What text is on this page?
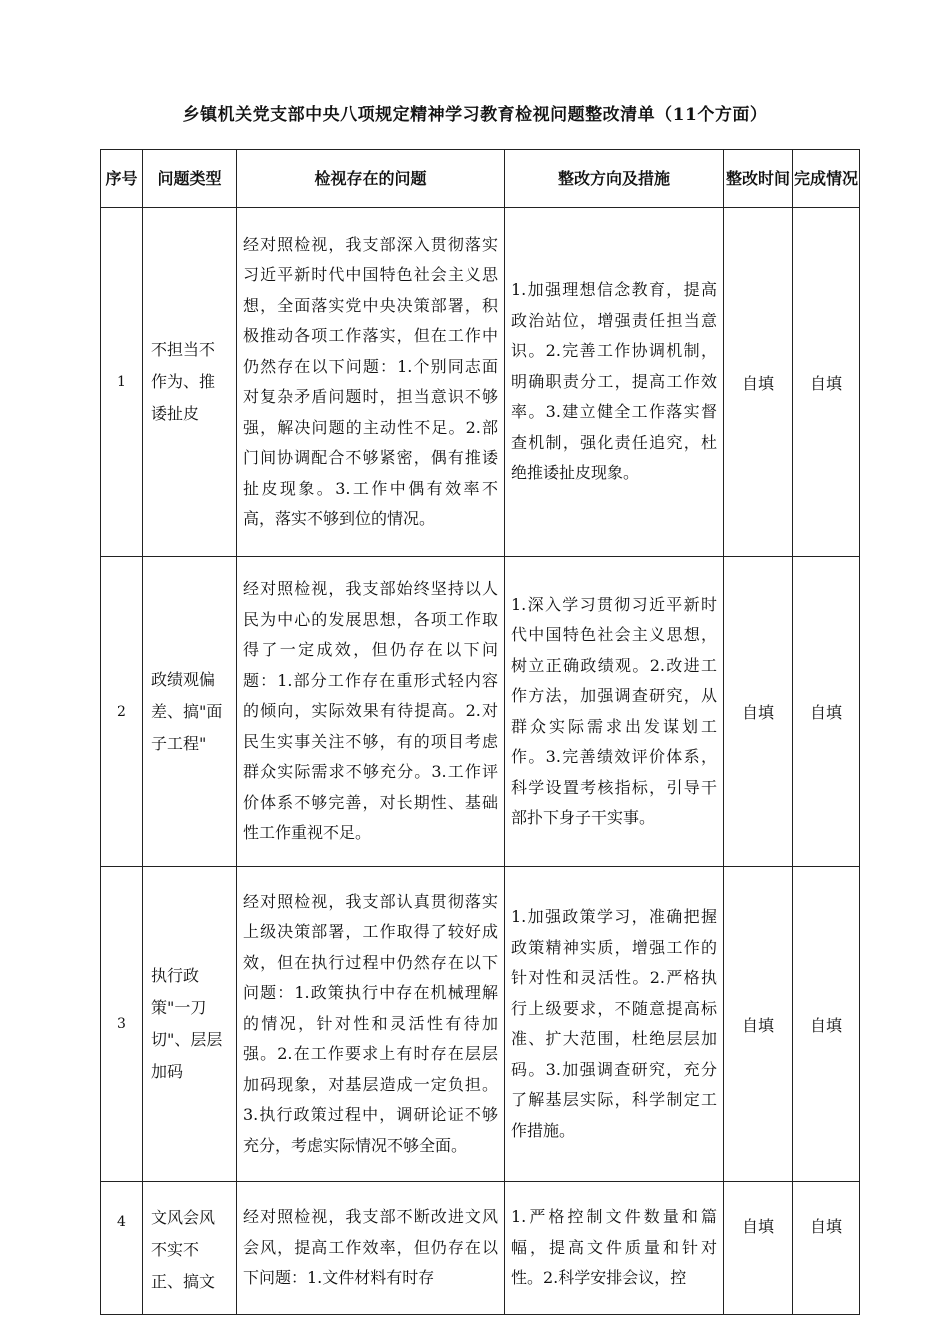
乡镇机关党支部中央八项规定精神学习教育检视问题整改清单（11个方面）
序号	问题类型	检视存在的问题	整改方向及措施	整改时间	完成情况
1	不担当不作为、推诿扯皮	经对照检视，我支部深入贯彻落实习近平新时代中国特色社会主义思想，全面落实党中央决策部署，积极推动各项工作落实，但在工作中仍然存在以下问题：1.个别同志面对复杂矛盾问题时，担当意识不够强，解决问题的主动性不足。2.部门间协调配合不够紧密，偶有推诿扯皮现象。3.工作中偶有效率不高，落实不够到位的情况。	1.加强理想信念教育，提高政治站位，增强责任担当意识。2.完善工作协调机制，明确职责分工，提高工作效率。3.建立健全工作落实督查机制，强化责任追究，杜绝推诿扯皮现象。	自填	自填
2	政绩观偏差、搞"面子工程"	经对照检视，我支部始终坚持以人民为中心的发展思想，各项工作取得了一定成效，但仍存在以下问题：1.部分工作存在重形式轻内容的倾向，实际效果有待提高。2.对民生实事关注不够，有的项目考虑群众实际需求不够充分。3.工作评价体系不够完善，对长期性、基础性工作重视不足。	1.深入学习贯彻习近平新时代中国特色社会主义思想，树立正确政绩观。2.改进工作方法，加强调查研究，从群众实际需求出发谋划工作。3.完善绩效评价体系，科学设置考核指标，引导干部扑下身子干实事。	自填	自填
3	执行政策"一刀切"、层层加码	经对照检视，我支部认真贯彻落实上级决策部署，工作取得了较好成效，但在执行过程中仍然存在以下问题：1.政策执行中存在机械理解的情况，针对性和灵活性有待加强。2.在工作要求上有时存在层层加码现象，对基层造成一定负担。3.执行政策过程中，调研论证不够充分，考虑实际情况不够全面。	1.加强政策学习，准确把握政策精神实质，增强工作的针对性和灵活性。2.严格执行上级要求，不随意提高标准、扩大范围，杜绝层层加码。3.加强调查研究，充分了解基层实际，科学制定工作措施。	自填	自填
4	文风会风不实不正、搞文	经对照检视，我支部不断改进文风会风，提高工作效率，但仍存在以下问题：1.文件材料有时存	1.严格控制文件数量和篇幅，提高文件质量和针对性。2.科学安排会议，控	自填	自填
